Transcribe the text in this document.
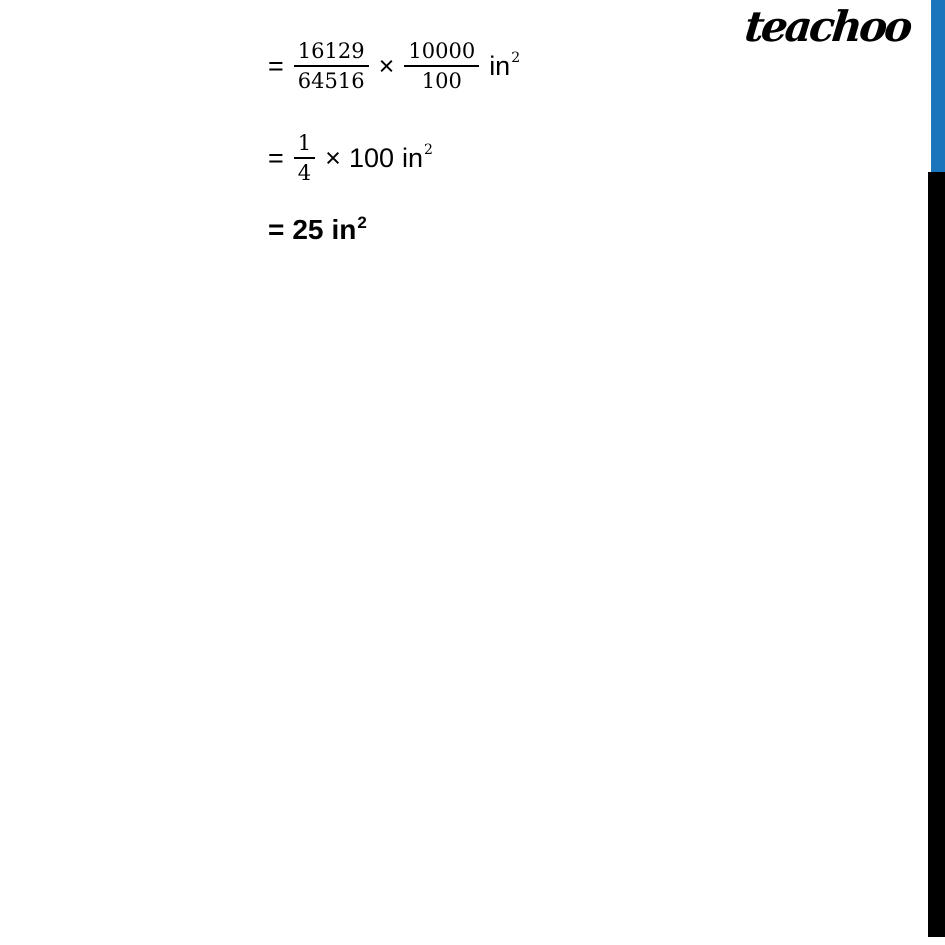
teachoo
= $\frac{16129}{64516} \times \frac{10000}{100} in^2$
= $\frac{1}{4} \times 100$ $in^2$
= 25 $in^2$
